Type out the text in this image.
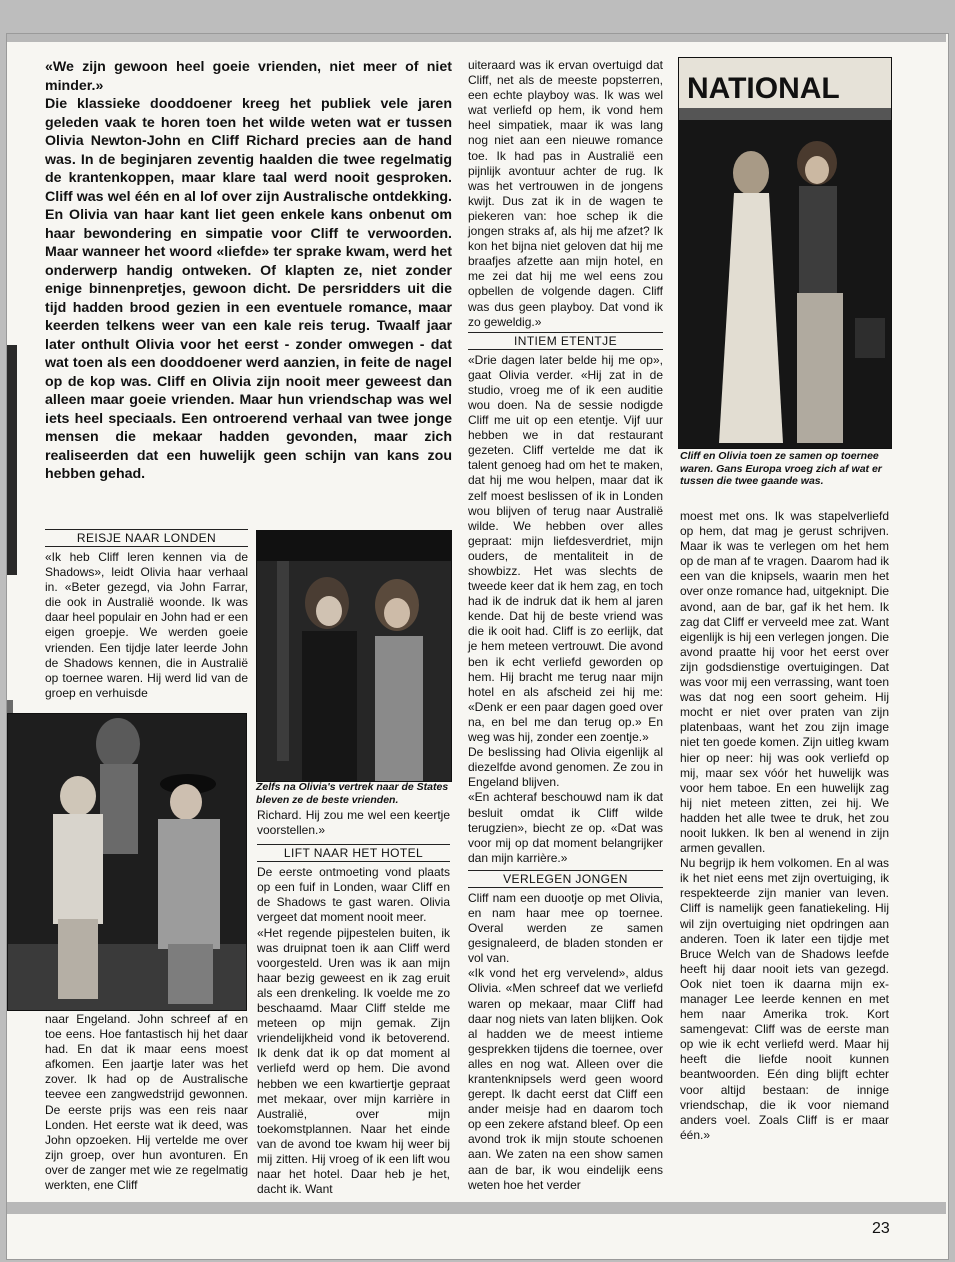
«We zijn gewoon heel goeie vrienden, niet meer of niet minder.»

Die klassieke dooddoener kreeg het publiek vele jaren geleden vaak te horen toen het wilde weten wat er tussen Olivia Newton-John en Cliff Richard precies aan de hand was. In de beginjaren zeventig haalden die twee regelmatig de krantenkoppen, maar klare taal werd nooit gesproken. Cliff was wel één en al lof over zijn Australische ontdekking. En Olivia van haar kant liet geen enkele kans onbenut om haar bewondering en simpatie voor Cliff te verwoorden. Maar wanneer het woord «liefde» ter sprake kwam, werd het onderwerp handig ontweken. Of klapten ze, niet zonder enige binnenpretjes, gewoon dicht. De persridders uit die tijd hadden brood gezien in een eventuele romance, maar keerden telkens weer van een kale reis terug. Twaalf jaar later onthult Olivia voor het eerst - zonder omwegen - dat wat toen als een dooddoener werd aanzien, in feite de nagel op de kop was. Cliff en Olivia zijn nooit meer geweest dan alleen maar goeie vrienden. Maar hun vriendschap was wel iets heel speciaals. Een ontroerend verhaal van twee jonge mensen die mekaar hadden gevonden, maar zich realiseerden dat een huwelijk geen schijn van kans zou hebben gehad.

REISJE NAAR LONDEN

«Ik heb Cliff leren kennen via de Shadows», leidt Olivia haar verhaal in. «Beter gezegd, via John Farrar, die ook in Australië woonde. Ik was daar heel populair en John had er een eigen groepje. We werden goeie vrienden. Een tijdje later leerde John de Shadows kennen, die in Australië op toernee waren. Hij werd lid van de groep en verhuisde

naar Engeland. John schreef af en toe eens. Hoe fantastisch hij het daar had. En dat ik maar eens moest afkomen. Een jaartje later was het zover. Ik had op de Australische teevee een zangwedstrijd gewonnen. De eerste prijs was een reis naar Londen. Het eerste wat ik deed, was John opzoeken. Hij vertelde me over zijn groep, over hun avonturen. En over de zanger met wie ze regelmatig werkten, ene Cliff

Zelfs na Olivia's vertrek naar de States bleven ze de beste vrienden.

Richard. Hij zou me wel een keertje voorstellen.»

LIFT NAAR HET HOTEL

De eerste ontmoeting vond plaats op een fuif in Londen, waar Cliff en de Shadows te gast waren. Olivia vergeet dat moment nooit meer.

«Het regende pijpestelen buiten, ik was druipnat toen ik aan Cliff werd voorgesteld. Uren was ik aan mijn haar bezig geweest en ik zag eruit als een drenkeling. Ik voelde me zo beschaamd. Maar Cliff stelde me meteen op mijn gemak. Zijn vriendelijkheid vond ik betoverend. Ik denk dat ik op dat moment al verliefd werd op hem. Die avond hebben we een kwartiertje gepraat met mekaar, over mijn karrière in Australië, over mijn toekomstplannen. Naar het einde van de avond toe kwam hij weer bij mij zitten. Hij vroeg of ik een lift wou naar het hotel. Daar heb je het, dacht ik. Want

uiteraard was ik ervan overtuigd dat Cliff, net als de meeste popsterren, een echte playboy was. Ik was wel wat verliefd op hem, ik vond hem heel simpatiek, maar ik was lang nog niet aan een nieuwe romance toe. Ik had pas in Australië een pijnlijk avontuur achter de rug. Ik was het vertrouwen in de jongens kwijt. Dus zat ik in de wagen te piekeren van: hoe schep ik die jongen straks af, als hij me afzet? Ik kon het bijna niet geloven dat hij me braafjes afzette aan mijn hotel, en me zei dat hij me wel eens zou opbellen de volgende dagen. Cliff was dus geen playboy. Dat vond ik zo geweldig.»

INTIEM ETENTJE

«Drie dagen later belde hij me op», gaat Olivia verder. «Hij zat in de studio, vroeg me of ik een auditie wou doen. Na de sessie nodigde Cliff me uit op een etentje. Vijf uur hebben we in dat restaurant gezeten. Cliff vertelde me dat ik talent genoeg had om het te maken, dat hij me wou helpen, maar dat ik zelf moest beslissen of ik in Londen wou blijven of terug naar Australië wilde. We hebben over alles gepraat: mijn liefdesverdriet, mijn ouders, de mentaliteit in de showbizz. Het was slechts de tweede keer dat ik hem zag, en toch had ik de indruk dat ik hem al jaren kende. Dat hij de beste vriend was die ik ooit had. Cliff is zo eerlijk, dat je hem meteen vertrouwt. Die avond ben ik echt verliefd geworden op hem. Hij bracht me terug naar mijn hotel en als afscheid zei hij me: «Denk er een paar dagen goed over na, en bel me dan terug op.» En weg was hij, zonder een zoentje.»

De beslissing had Olivia eigenlijk al diezelfde avond genomen. Ze zou in Engeland blijven.

«En achteraf beschouwd nam ik dat besluit omdat ik Cliff wilde terugzien», biecht ze op. «Dat was voor mij op dat moment belangrijker dan mijn karrière.»

VERLEGEN JONGEN

Cliff nam een duootje op met Olivia, en nam haar mee op toernee. Overal werden ze samen gesignaleerd, de bladen stonden er vol van.

«Ik vond het erg vervelend», aldus Olivia. «Men schreef dat we verliefd waren op mekaar, maar Cliff had daar nog niets van laten blijken. Ook al hadden we de meest intieme gesprekken tijdens die toernee, over alles en nog wat. Alleen over die krantenknipsels werd geen woord gerept. Ik dacht eerst dat Cliff een ander meisje had en daarom toch op een zekere afstand bleef. Op een avond trok ik mijn stoute schoenen aan. We zaten na een show samen aan de bar, ik wou eindelijk eens weten hoe het verder

NATIONAL
Cliff en Olivia toen ze samen op toernee waren. Gans Europa vroeg zich af wat er tussen die twee gaande was.

moest met ons. Ik was stapelverliefd op hem, dat mag je gerust schrijven. Maar ik was te verlegen om het hem op de man af te vragen. Daarom had ik een van die knipsels, waarin men het over onze romance had, uitgeknipt. Die avond, aan de bar, gaf ik het hem. Ik zag dat Cliff er verveeld mee zat. Want eigenlijk is hij een verlegen jongen. Die avond praatte hij voor het eerst over zijn godsdienstige overtuigingen. Dat was voor mij een verrassing, want toen was dat nog een soort geheim. Hij mocht er niet over praten van zijn platenbaas, want het zou zijn image niet ten goede komen. Zijn uitleg kwam hier op neer: hij was ook verliefd op mij, maar sex vóór het huwelijk was voor hem taboe. En een huwelijk zag hij niet meteen zitten, zei hij. We hadden het alle twee te druk, het zou nooit lukken. Ik ben al wenend in zijn armen gevallen.

Nu begrijp ik hem volkomen. En al was ik het niet eens met zijn overtuiging, ik respekteerde zijn manier van leven. Cliff is namelijk geen fanatiekeling. Hij wil zijn overtuiging niet opdringen aan anderen. Toen ik later een tijdje met Bruce Welch van de Shadows leefde heeft hij daar nooit iets van gezegd. Ook niet toen ik daarna mijn ex-manager Lee leerde kennen en met hem naar Amerika trok. Kort samengevat: Cliff was de eerste man op wie ik echt verliefd werd. Maar hij heeft die liefde nooit kunnen beantwoorden. Eén ding blijft echter voor altijd bestaan: de innige vriendschap, die ik voor niemand anders voel. Zoals Cliff is er maar één.»

23
